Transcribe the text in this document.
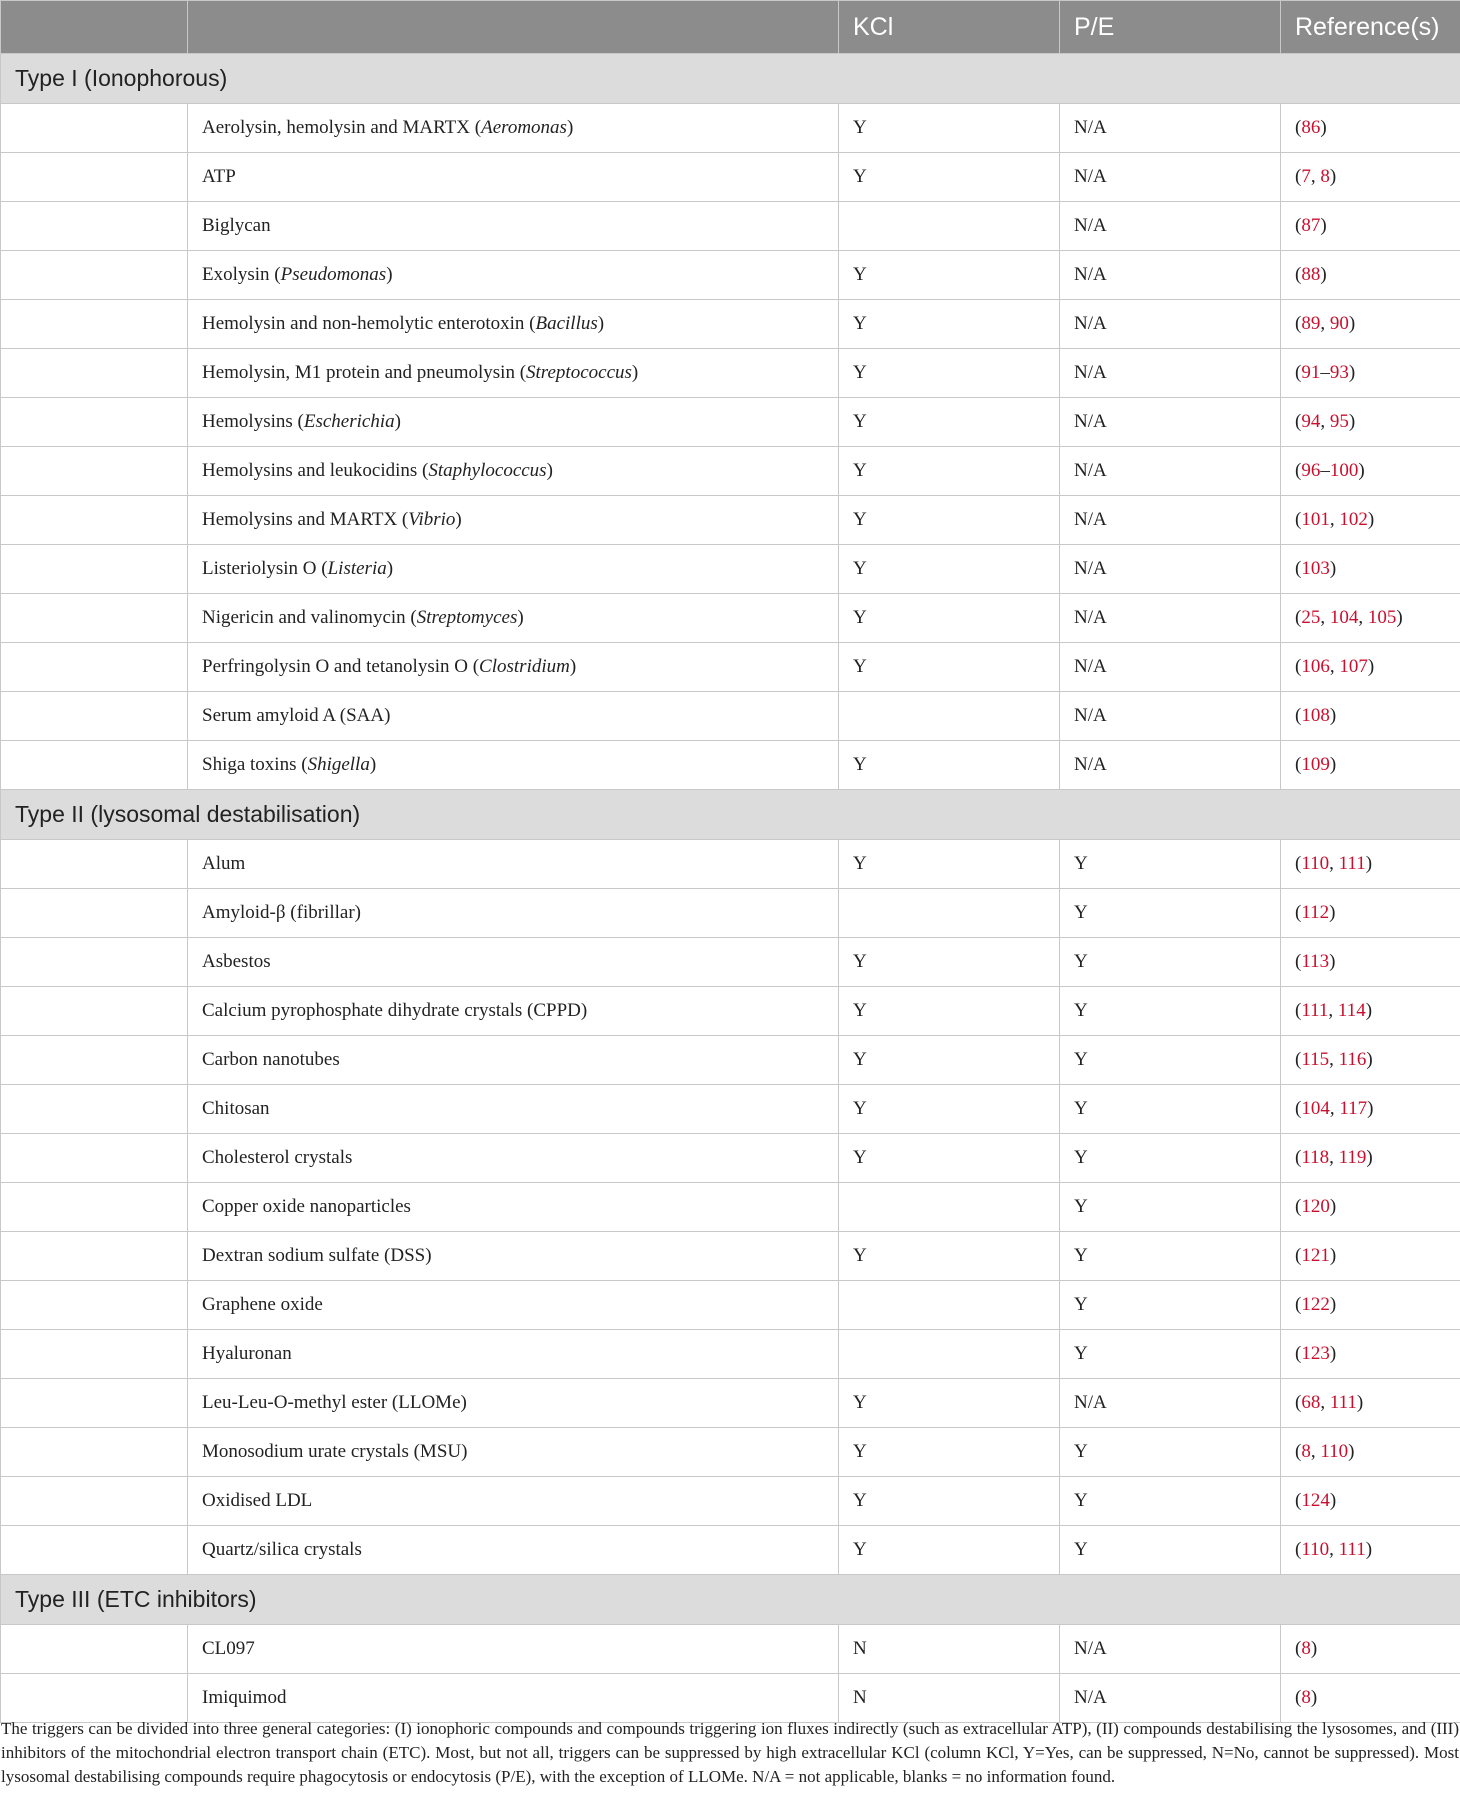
		KCl	P/E	Reference(s)
Type I (Ionophorous)				
	Aerolysin, hemolysin and MARTX (Aeromonas)	Y	N/A	(86)
	ATP	Y	N/A	(7, 8)
	Biglycan		N/A	(87)
	Exolysin (Pseudomonas)	Y	N/A	(88)
	Hemolysin and non-hemolytic enterotoxin (Bacillus)	Y	N/A	(89, 90)
	Hemolysin, M1 protein and pneumolysin (Streptococcus)	Y	N/A	(91–93)
	Hemolysins (Escherichia)	Y	N/A	(94, 95)
	Hemolysins and leukocidins (Staphylococcus)	Y	N/A	(96–100)
	Hemolysins and MARTX (Vibrio)	Y	N/A	(101, 102)
	Listeriolysin O (Listeria)	Y	N/A	(103)
	Nigericin and valinomycin (Streptomyces)	Y	N/A	(25, 104, 105)
	Perfringolysin O and tetanolysin O (Clostridium)	Y	N/A	(106, 107)
	Serum amyloid A (SAA)		N/A	(108)
	Shiga toxins (Shigella)	Y	N/A	(109)
Type II (lysosomal destabilisation)				
	Alum	Y	Y	(110, 111)
	Amyloid-β (fibrillar)		Y	(112)
	Asbestos	Y	Y	(113)
	Calcium pyrophosphate dihydrate crystals (CPPD)	Y	Y	(111, 114)
	Carbon nanotubes	Y	Y	(115, 116)
	Chitosan	Y	Y	(104, 117)
	Cholesterol crystals	Y	Y	(118, 119)
	Copper oxide nanoparticles		Y	(120)
	Dextran sodium sulfate (DSS)	Y	Y	(121)
	Graphene oxide		Y	(122)
	Hyaluronan		Y	(123)
	Leu-Leu-O-methyl ester (LLOMe)	Y	N/A	(68, 111)
	Monosodium urate crystals (MSU)	Y	Y	(8, 110)
	Oxidised LDL	Y	Y	(124)
	Quartz/silica crystals	Y	Y	(110, 111)
Type III (ETC inhibitors)				
	CL097	N	N/A	(8)
	Imiquimod	N	N/A	(8)

The triggers can be divided into three general categories: (I) ionophoric compounds and compounds triggering ion fluxes indirectly (such as extracellular ATP), (II) compounds destabilising the lysosomes, and (III) inhibitors of the mitochondrial electron transport chain (ETC). Most, but not all, triggers can be suppressed by high extracellular KCl (column KCl, Y=Yes, can be suppressed, N=No, cannot be suppressed). Most lysosomal destabilising compounds require phagocytosis or endocytosis (P/E), with the exception of LLOMe. N/A = not applicable, blanks = no information found.
